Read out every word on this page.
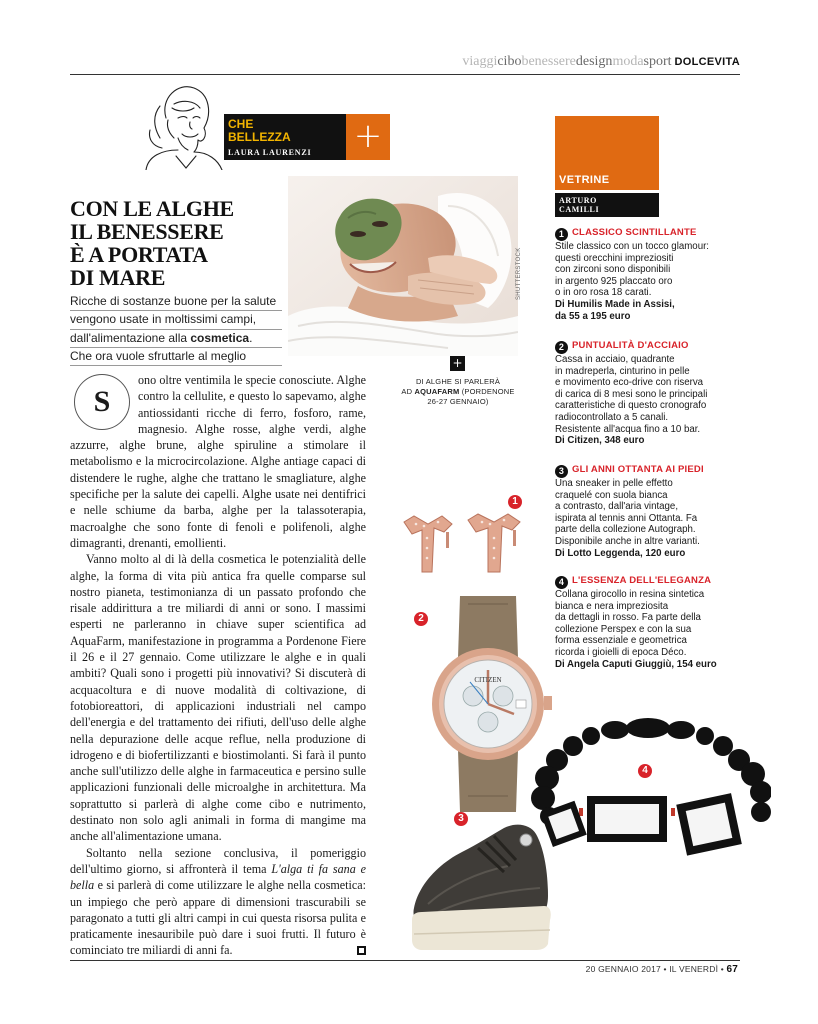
viaggicibobenesseredesignmodasport DOLCEVITA
CHE
BELLEZZA
LAURA LAURENZI +
SHUTTERSTOCK
CON LE ALGHE
IL BENESSERE
È A PORTATA
DI MARE
Ricche di sostanze buone per la salute
vengono usate in moltissimi campi,
dall'alimentazione alla cosmetica.
Che ora vuole sfruttarle al meglio
+
DI ALGHE SI PARLERÀ
AD AQUAFARM (PORDENONE
26-27 GENNAIO)

S
ono oltre ventimila le specie conosciute. Alghe contro la cellulite, e questo lo sapevamo, alghe antiossidanti ricche di ferro, fosforo, rame, magnesio. Alghe rosse, alghe verdi, alghe azzurre, alghe brune, alghe spiruline a stimolare il metabolismo e la microcircolazione. Alghe antiage capaci di distendere le rughe, alghe che trattano le smagliature, alghe specifiche per la salute dei capelli. Alghe usate nei dentifrici e nelle schiume da barba, alghe per la talassoterapia, macroalghe che sono fonte di fenoli e polifenoli, alghe dimagranti, drenanti, emollienti.

Vanno molto al di là della cosmetica le potenzialità delle alghe, la forma di vita più antica fra quelle comparse sul nostro pianeta, testimonianza di un passato profondo che risale addirittura a tre miliardi di anni or sono. I massimi esperti ne parleranno in chiave super scientifica ad AquaFarm, manifestazione in programma a Pordenone Fiere il 26 e il 27 gennaio. Come utilizzare le alghe e in quali ambiti? Quali sono i progetti più innovativi? Si discuterà di acquacoltura e di nuove modalità di coltivazione, di fotobioreattori, di applicazioni industriali nel campo dell'energia e del trattamento dei rifiuti, dell'uso delle alghe nella depurazione delle acque reflue, nella produzione di idrogeno e di biofertilizzanti e biostimolanti. Si farà il punto anche sull'utilizzo delle alghe in farmaceutica e persino sulle applicazioni funzionali delle microalghe in architettura. Ma soprattutto si parlerà di alghe come cibo e nutrimento, destinato non solo agli animali in forma di mangime ma anche all'alimentazione umana.

Soltanto nella sezione conclusiva, il pomeriggio dell'ultimo giorno, si affronterà il tema L'alga ti fa sana e bella e si parlerà di come utilizzare le alghe nella cosmetica: un impiego che però appare di dimensioni trascurabili se paragonato a tutti gli altri campi in cui questa risorsa pulita e praticamente inesauribile può dare i suoi frutti. Il futuro è cominciato tre miliardi di anni fa.

VETRINE
ARTURO
CAMILLI
1 CLASSICO SCINTILLANTE
Stile classico con un tocco glamour:
questi orecchini impreziositi
con zirconi sono disponibili
in argento 925 placcato oro
o in oro rosa 18 carati.
Di Humilis Made in Assisi,
da 55 a 195 euro
2 PUNTUALITÀ D'ACCIAIO
Cassa in acciaio, quadrante
in madreperla, cinturino in pelle
e movimento eco-drive con riserva
di carica di 8 mesi sono le principali
caratteristiche di questo cronografo
radiocontrollato a 5 canali.
Resistente all'acqua fino a 10 bar.
Di Citizen, 348 euro
3 GLI ANNI OTTANTA AI PIEDI
Una sneaker in pelle effetto
craquelé con suola bianca
a contrasto, dall'aria vintage,
ispirata al tennis anni Ottanta. Fa
parte della collezione Autograph.
Disponibile anche in altre varianti.
Di Lotto Leggenda, 120 euro
4 L'ESSENZA DELL'ELEGANZA
Collana girocollo in resina sintetica
bianca e nera impreziosita
da dettagli in rosso. Fa parte della
collezione Perspex e con la sua
forma essenziale e geometrica
ricorda i gioielli di epoca Déco.
Di Angela Caputi Giuggiù, 154 euro
1
CITIZEN
2
4
3
20 GENNAIO 2017 • IL VENERDÌ • 67
